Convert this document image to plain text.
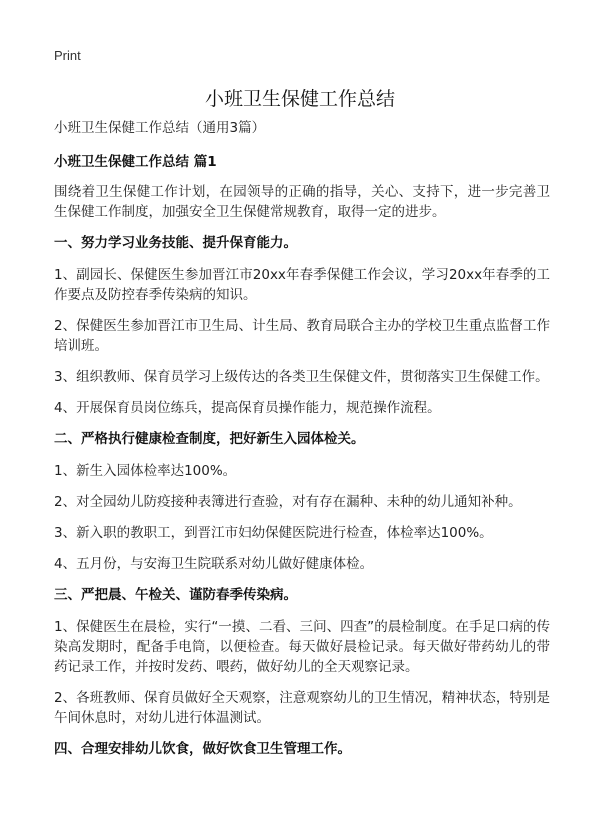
Print
小班卫生保健工作总结

小班卫生保健工作总结（通用3篇）

小班卫生保健工作总结 篇1

围绕着卫生保健工作计划，在园领导的正确的指导，关心、支持下，进一步完善卫生保健工作制度，加强安全卫生保健常规教育，取得一定的进步。

一、努力学习业务技能、提升保育能力。

1、副园长、保健医生参加晋江市20xx年春季保健工作会议，学习20xx年春季的工作要点及防控春季传染病的知识。

2、保健医生参加晋江市卫生局、计生局、教育局联合主办的学校卫生重点监督工作培训班。

3、组织教师、保育员学习上级传达的各类卫生保健文件，贯彻落实卫生保健工作。

4、开展保育员岗位练兵，提高保育员操作能力，规范操作流程。

二、严格执行健康检查制度，把好新生入园体检关。

1、新生入园体检率达100%。

2、对全园幼儿防疫接种表簿进行查验，对有存在漏种、未种的幼儿通知补种。

3、新入职的教职工，到晋江市妇幼保健医院进行检查，体检率达100%。

4、五月份，与安海卫生院联系对幼儿做好健康体检。

三、严把晨、午检关、谨防春季传染病。

1、保健医生在晨检，实行“一摸、二看、三问、四查”的晨检制度。在手足口病的传染高发期时，配备手电筒，以便检查。每天做好晨检记录。每天做好带药幼儿的带药记录工作，并按时发药、喂药，做好幼儿的全天观察记录。

2、各班教师、保育员做好全天观察，注意观察幼儿的卫生情况，精神状态，特别是午间休息时，对幼儿进行体温测试。

四、合理安排幼儿饮食，做好饮食卫生管理工作。
